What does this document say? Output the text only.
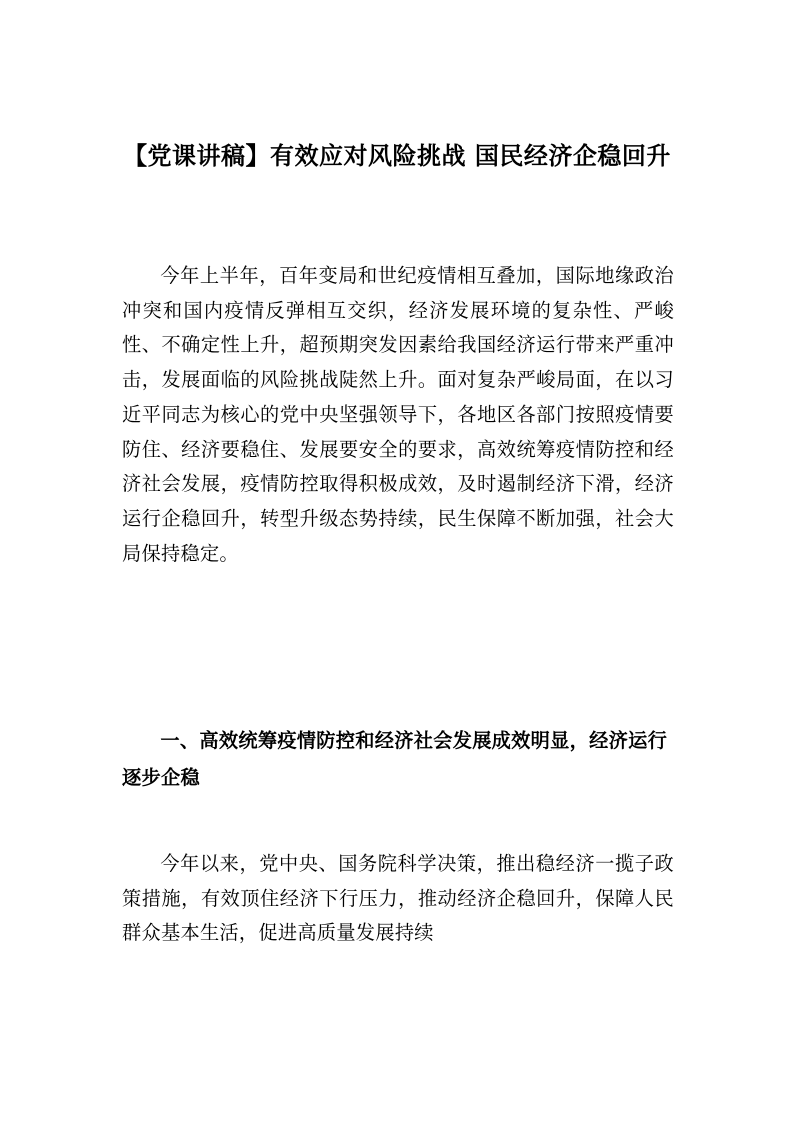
【党课讲稿】有效应对风险挑战 国民经济企稳回升

今年上半年，百年变局和世纪疫情相互叠加，国际地缘政治冲突和国内疫情反弹相互交织，经济发展环境的复杂性、严峻性、不确定性上升，超预期突发因素给我国经济运行带来严重冲击，发展面临的风险挑战陡然上升。面对复杂严峻局面，在以习近平同志为核心的党中央坚强领导下，各地区各部门按照疫情要防住、经济要稳住、发展要安全的要求，高效统筹疫情防控和经济社会发展，疫情防控取得积极成效，及时遏制经济下滑，经济运行企稳回升，转型升级态势持续，民生保障不断加强，社会大局保持稳定。

一、高效统筹疫情防控和经济社会发展成效明显，经济运行逐步企稳

今年以来，党中央、国务院科学决策，推出稳经济一揽子政策措施，有效顶住经济下行压力，推动经济企稳回升，保障人民群众基本生活，促进高质量发展持续
